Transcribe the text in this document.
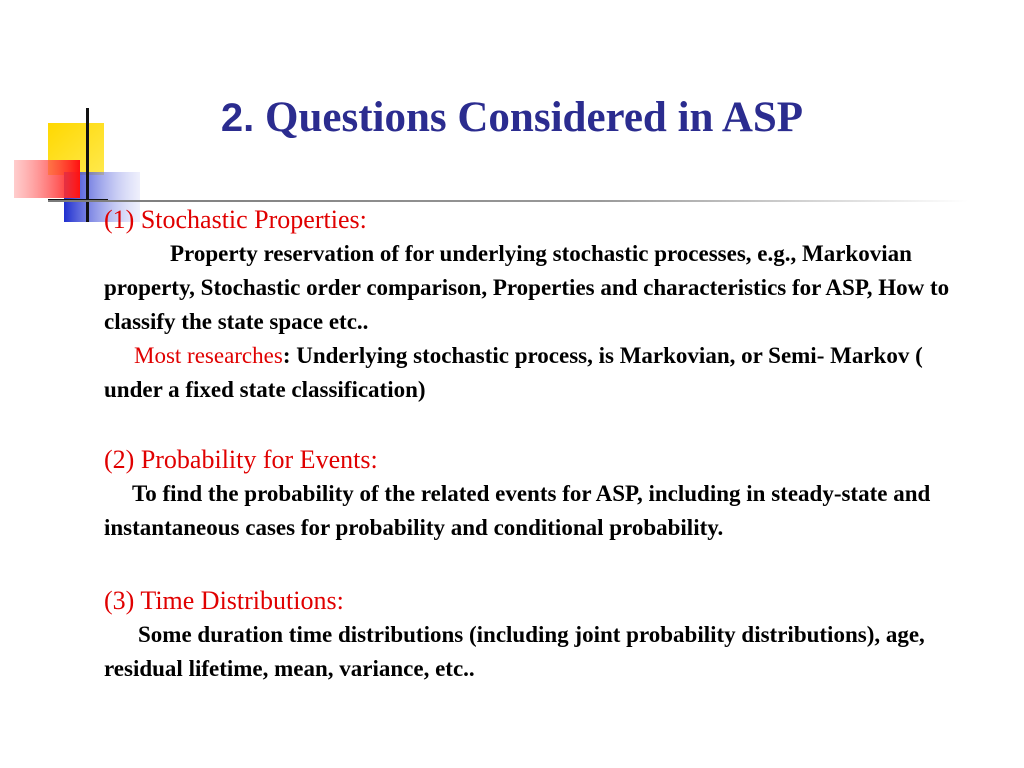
2. Questions Considered in ASP

(1) Stochastic Properties:

Property reservation of for underlying stochastic processes, e.g., Markovian property, Stochastic order comparison, Properties and characteristics for ASP, How to classify the state space etc..

Most researches: Underlying stochastic process, is Markovian, or Semi- Markov ( under a fixed state classification)

(2) Probability for Events:

To find the probability of the related events for ASP, including in steady-state and instantaneous cases for probability and conditional probability.

(3) Time Distributions:

Some duration time distributions (including joint probability distributions), age, residual lifetime, mean, variance, etc..
